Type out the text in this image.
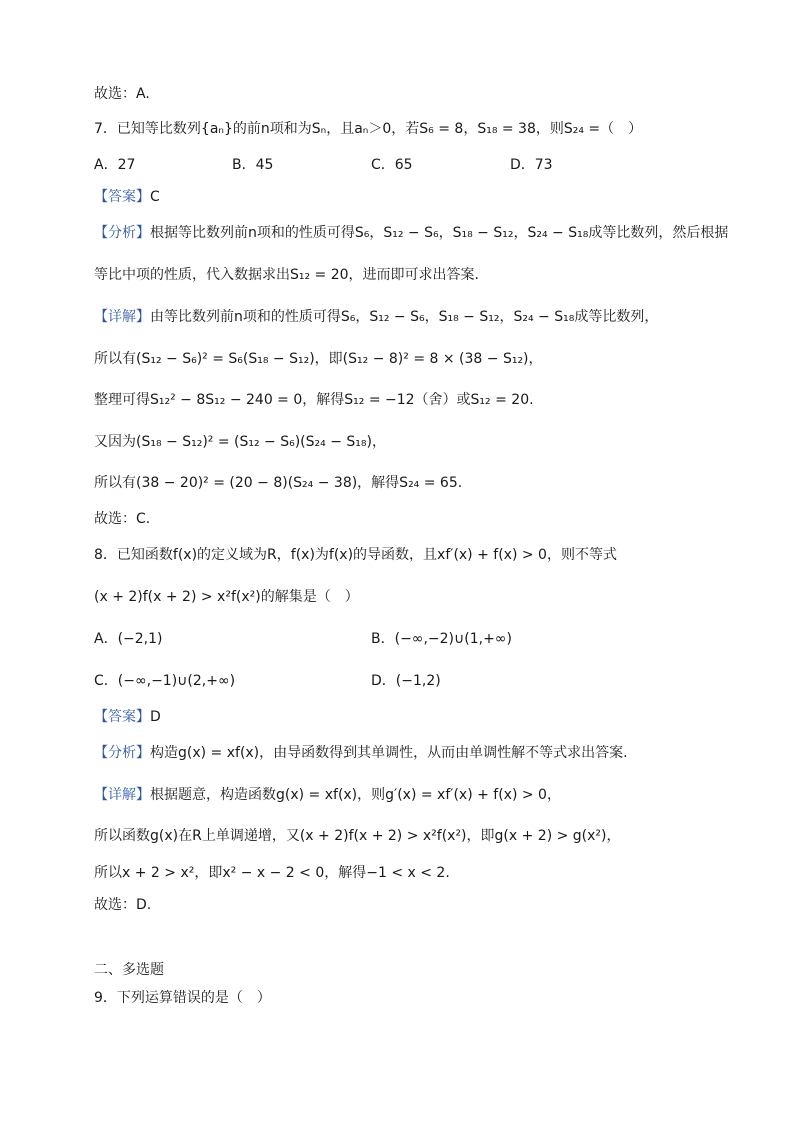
故选：A.
7．已知等比数列{aₙ}的前n项和为Sₙ，且aₙ＞0，若S₆ = 8，S₁₈ = 38，则S₂₄ =（　）
A．27	B．45	C．65	D．73
【答案】C
【分析】根据等比数列前n项和的性质可得S₆，S₁₂ − S₆，S₁₈ − S₁₂，S₂₄ − S₁₈成等比数列，然后根据
等比中项的性质，代入数据求出S₁₂ = 20，进而即可求出答案.
【详解】由等比数列前n项和的性质可得S₆，S₁₂ − S₆，S₁₈ − S₁₂，S₂₄ − S₁₈成等比数列，
所以有(S₁₂ − S₆)² = S₆(S₁₈ − S₁₂)，即(S₁₂ − 8)² = 8 × (38 − S₁₂)，
整理可得S₁₂² − 8S₁₂ − 240 = 0，解得S₁₂ = −12（舍）或S₁₂ = 20.
又因为(S₁₈ − S₁₂)² = (S₁₂ − S₆)(S₂₄ − S₁₈)，
所以有(38 − 20)² = (20 − 8)(S₂₄ − 38)，解得S₂₄ = 65.
故选：C.
8．已知函数f(x)的定义域为R，f(x)为f(x)的导函数，且xf′(x) + f(x) > 0，则不等式
(x + 2)f(x + 2) > x²f(x²)的解集是（　）
A．(−2,1)	B．(−∞,−2)∪(1,+∞)
C．(−∞,−1)∪(2,+∞)	D．(−1,2)
【答案】D
【分析】构造g(x) = xf(x)，由导函数得到其单调性，从而由单调性解不等式求出答案.
【详解】根据题意，构造函数g(x) = xf(x)，则g′(x) = xf′(x) + f(x) > 0，
所以函数g(x)在R上单调递增，又(x + 2)f(x + 2) > x²f(x²)，即g(x + 2) > g(x²)，
所以x + 2 > x²，即x² − x − 2 < 0，解得−1 < x < 2.
故选：D.
二、多选题
9．下列运算错误的是（　）
